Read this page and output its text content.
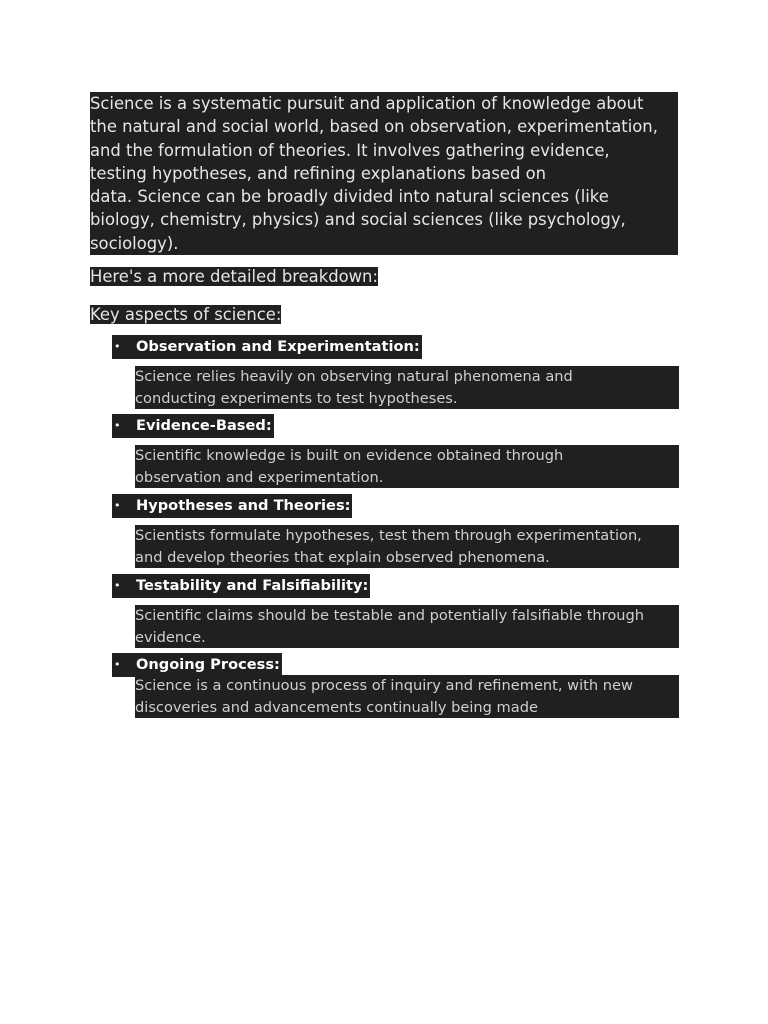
Science is a systematic pursuit and application of knowledge about
the natural and social world, based on observation, experimentation,
and the formulation of theories. It involves gathering evidence,
testing hypotheses, and refining explanations based on
data. Science can be broadly divided into natural sciences (like
biology, chemistry, physics) and social sciences (like psychology,
sociology).
Here's a more detailed breakdown:
Key aspects of science:
• Observation and Experimentation:
Science relies heavily on observing natural phenomena and
conducting experiments to test hypotheses.
• Evidence-Based:
Scientific knowledge is built on evidence obtained through
observation and experimentation.
• Hypotheses and Theories:
Scientists formulate hypotheses, test them through experimentation,
and develop theories that explain observed phenomena.
• Testability and Falsifiability:
Scientific claims should be testable and potentially falsifiable through
evidence.
• Ongoing Process:
Science is a continuous process of inquiry and refinement, with new
discoveries and advancements continually being made
